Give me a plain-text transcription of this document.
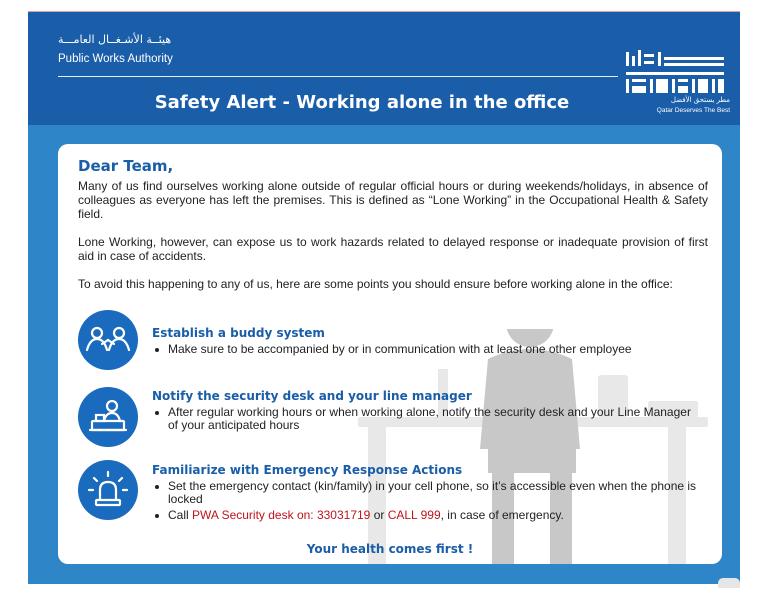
هيئــة الأشـغــال العامـــة
Public Works Authority
Safety Alert - Working alone in the office	مطر يستحق الأفضل
Qatar Deserves The Best
Dear Team,

Many of us find ourselves working alone outside of regular official hours or during weekends/holidays, in absence of colleagues as everyone has left the premises. This is defined as “Lone Working” in the Occupational Health & Safety field.

Lone Working, however, can expose us to work hazards related to delayed response or inadequate provision of first aid in case of accidents.

To avoid this happening to any of us, here are some points you should ensure before working alone in the office:

Establish a buddy system
Make sure to be accompanied by or in communication with at least one other employee
Notify the security desk and your line manager
After regular working hours or when working alone, notify the security desk and your Line Manager of your anticipated hours
Familiarize with Emergency Response Actions
Set the emergency contact (kin/family) in your cell phone, so it’s accessible even when the phone is locked
Call PWA Security desk on: 33031719 or CALL 999, in case of emergency.
Your health comes first !
